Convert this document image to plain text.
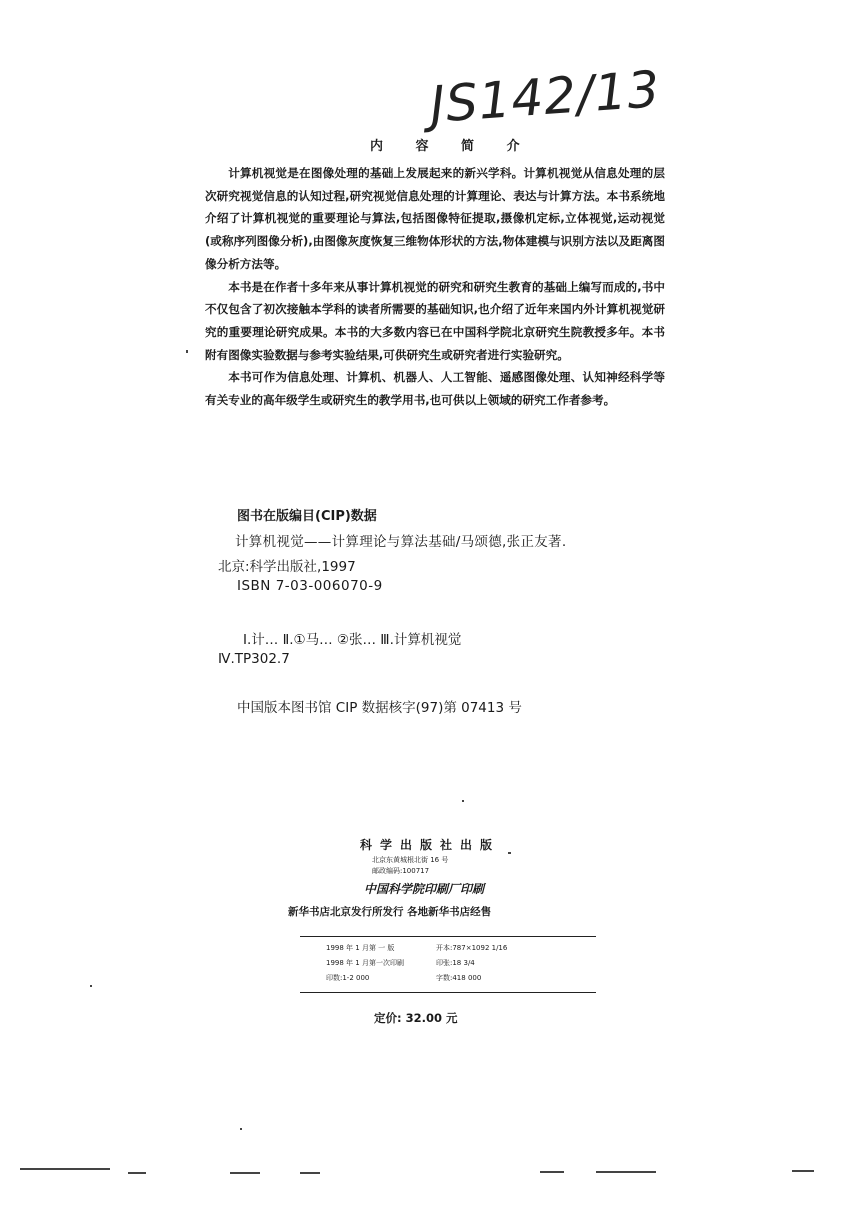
JS142/13
内 容 简 介

计算机视觉是在图像处理的基础上发展起来的新兴学科。计算机视觉从信息处理的层次研究视觉信息的认知过程,研究视觉信息处理的计算理论、表达与计算方法。本书系统地介绍了计算机视觉的重要理论与算法,包括图像特征提取,摄像机定标,立体视觉,运动视觉(或称序列图像分析),由图像灰度恢复三维物体形状的方法,物体建模与识别方法以及距离图像分析方法等。

本书是在作者十多年来从事计算机视觉的研究和研究生教育的基础上编写而成的,书中不仅包含了初次接触本学科的读者所需要的基础知识,也介绍了近年来国内外计算机视觉研究的重要理论研究成果。本书的大多数内容已在中国科学院北京研究生院教授多年。本书附有图像实验数据与参考实验结果,可供研究生或研究者进行实验研究。

本书可作为信息处理、计算机、机器人、人工智能、遥感图像处理、认知神经科学等有关专业的高年级学生或研究生的教学用书,也可供以上领域的研究工作者参考。

图书在版编目(CIP)数据
计算机视觉——计算理论与算法基础/马颂德,张正友著.
北京:科学出版社,1997
ISBN 7-03-006070-9
Ⅰ.计… Ⅱ.①马… ②张… Ⅲ.计算机视觉
Ⅳ.TP302.7
中国版本图书馆 CIP 数据核字(97)第 07413 号
科学出版社出版
北京东黄城根北街 16 号
邮政编码:100717
中国科学院印刷厂印刷
新华书店北京发行所发行 各地新华书店经售
1998 年 1 月第 一 版	开本:787×1092 1/16
1998 年 1 月第一次印刷	印张:18 3/4
印数:1-2 000	字数:418 000
定价: 32.00 元
